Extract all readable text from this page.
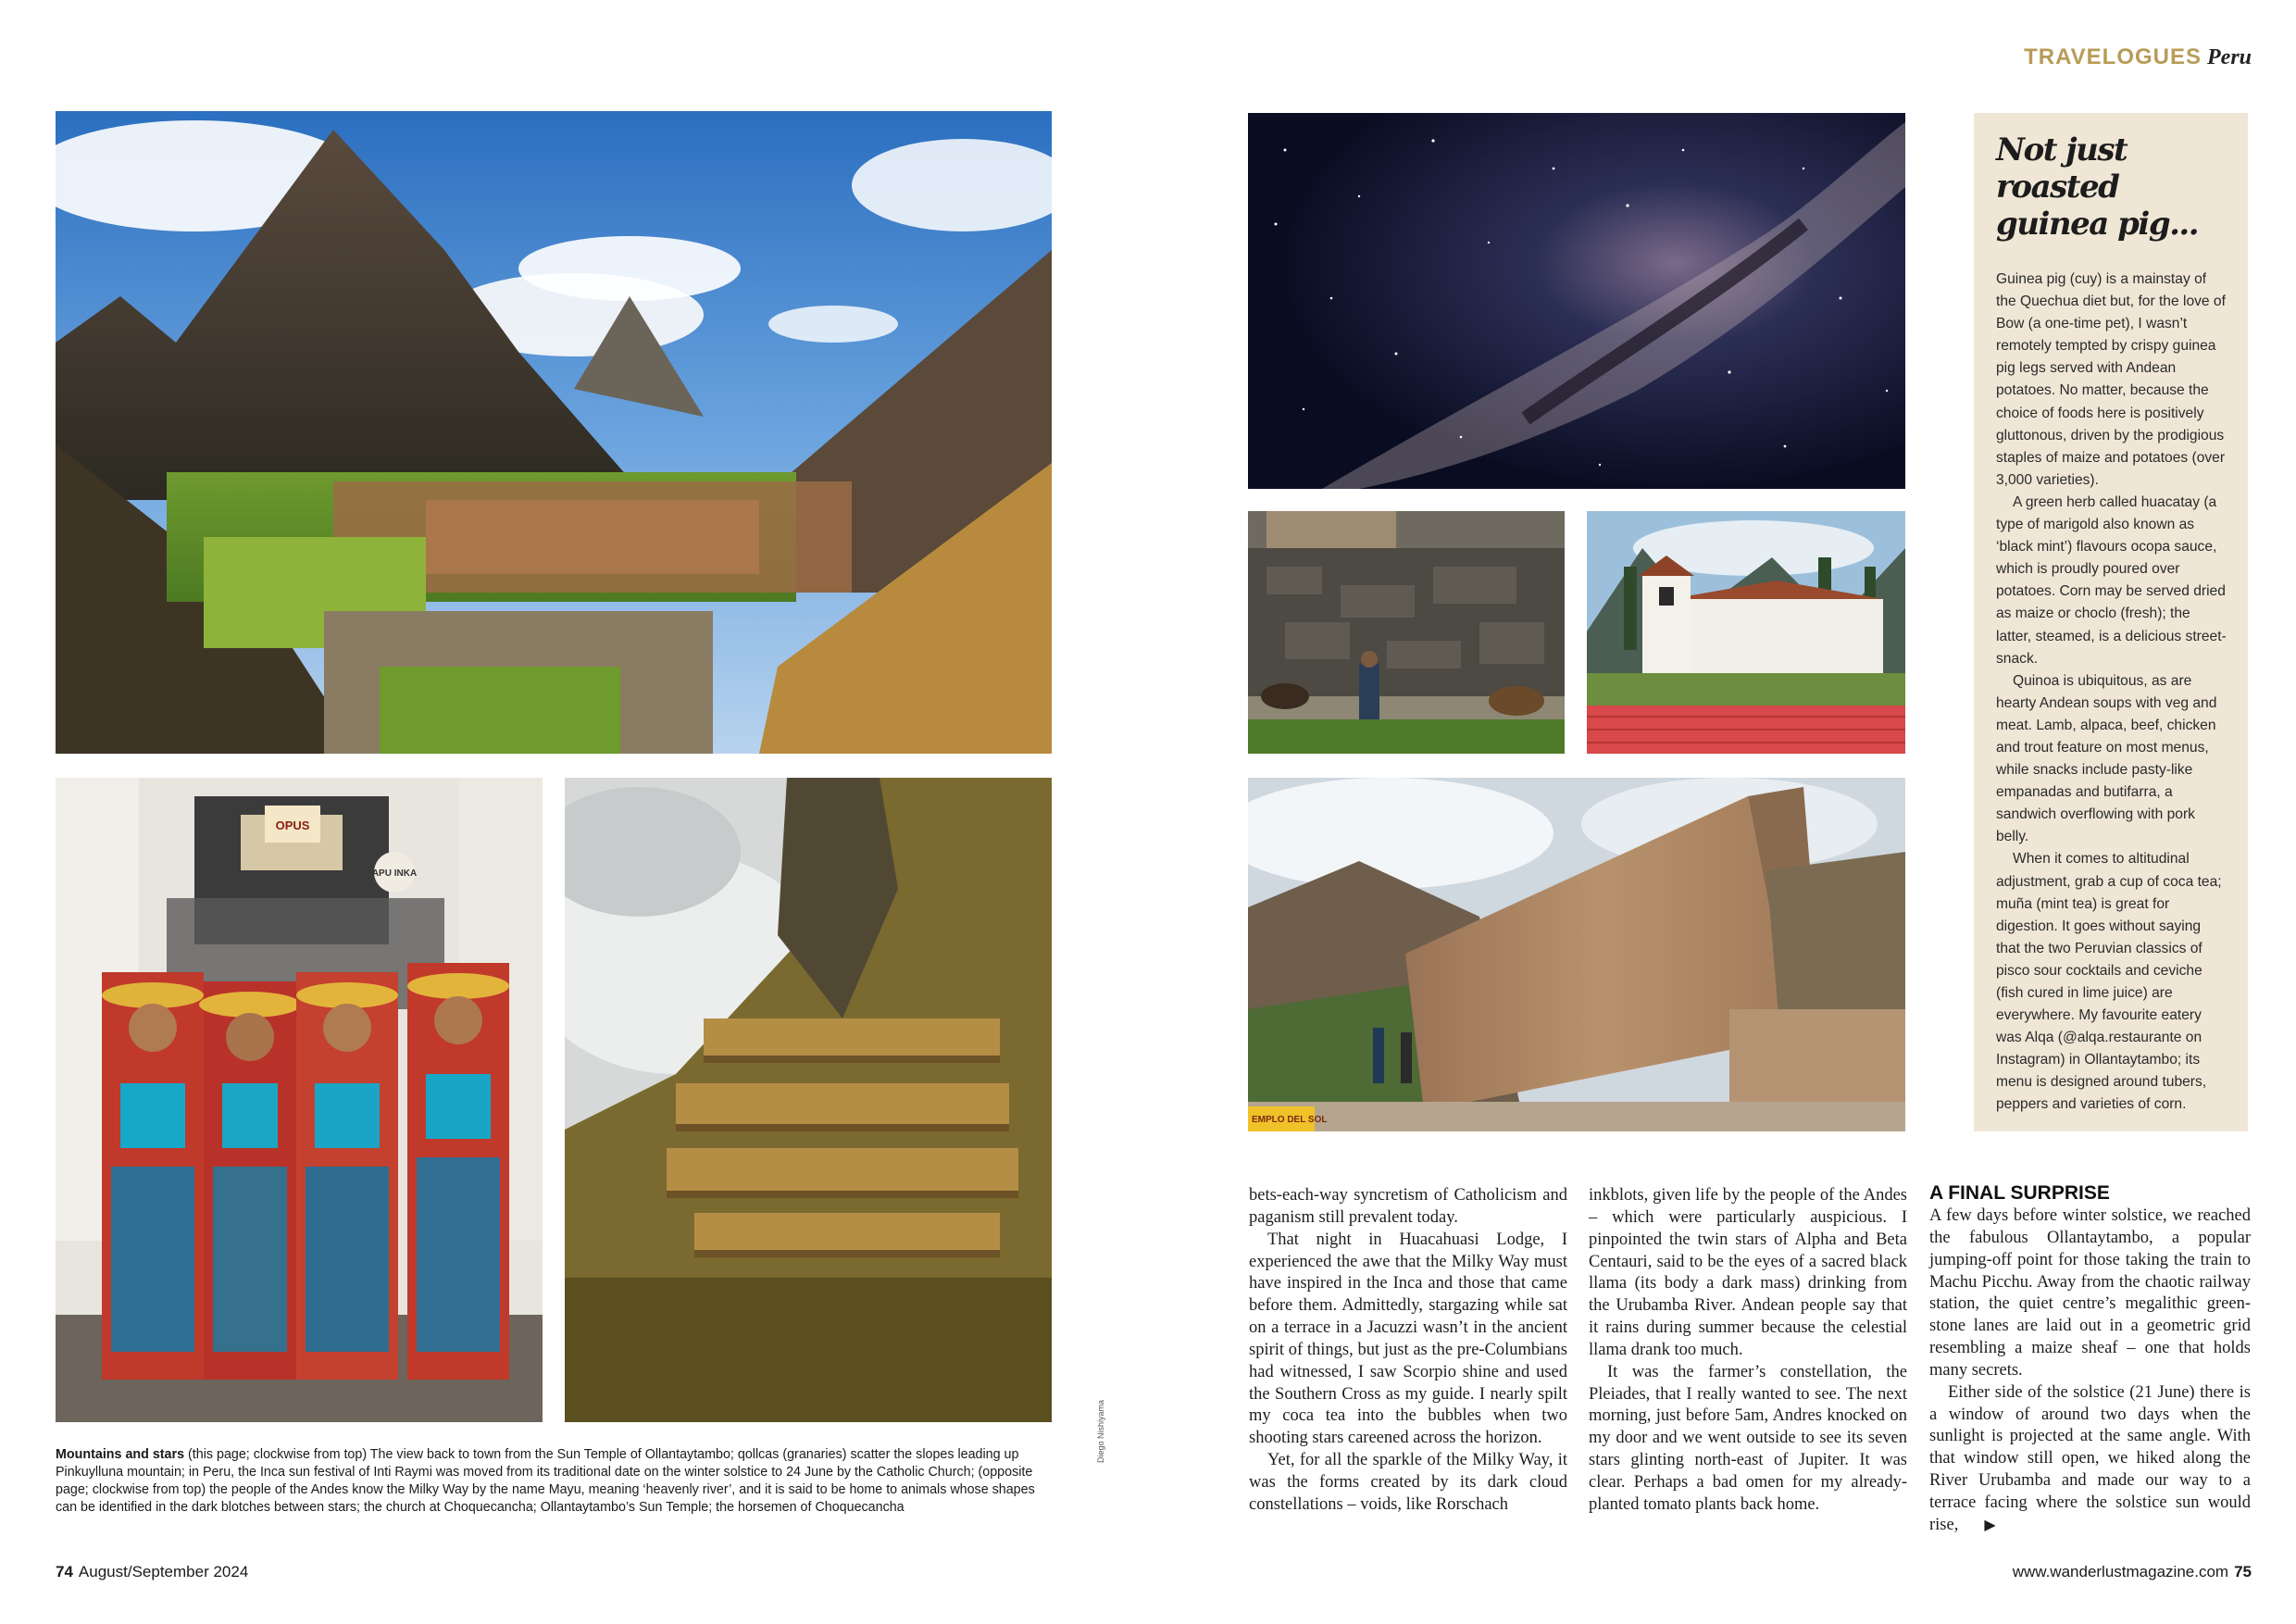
TRAVELOGUES Peru
OPUS
APU INKA
EMPLO DEL SOL
Not just roasted
guinea pig...

Guinea pig (cuy) is a mainstay of the Quechua diet but, for the love of Bow (a one-time pet), I wasn’t remotely tempted by crispy guinea pig legs served with Andean potatoes. No matter, because the choice of foods here is positively gluttonous, driven by the prodigious staples of maize and potatoes (over 3,000 varieties).

A green herb called huacatay (a type of marigold also known as ‘black mint’) flavours ocopa sauce, which is proudly poured over potatoes. Corn may be served dried as maize or choclo (fresh); the latter, steamed, is a delicious street-snack.

Quinoa is ubiquitous, as are hearty Andean soups with veg and meat. Lamb, alpaca, beef, chicken and trout feature on most menus, while snacks include pasty-like empanadas and butifarra, a sandwich overflowing with pork belly.

When it comes to altitudinal adjustment, grab a cup of coca tea; muña (mint tea) is great for digestion. It goes without saying that the two Peruvian classics of pisco sour cocktails and ceviche (fish cured in lime juice) are everywhere. My favourite eatery was Alqa (@alqa.restaurante on Instagram) in Ollantaytambo; its menu is designed around tubers, peppers and varieties of corn.

Mountains and stars (this page; clockwise from top) The view back to town from the Sun Temple of Ollantaytambo; qollcas (granaries) scatter the slopes leading up Pinkuylluna mountain; in Peru, the Inca sun festival of Inti Raymi was moved from its traditional date on the winter solstice to 24 June by the Catholic Church; (opposite page; clockwise from top) the people of the Andes know the Milky Way by the name Mayu, meaning ‘heavenly river’, and it is said to be home to animals whose shapes can be identified in the dark blotches between stars; the church at Choquecancha; Ollantaytambo’s Sun Temple; the horsemen of Choquecancha
Diego Nishiyama

bets-each-way syncretism of Catholicism and paganism still prevalent today.

That night in Huacahuasi Lodge, I experienced the awe that the Milky Way must have inspired in the Inca and those that came before them. Admittedly, stargazing while sat on a terrace in a Jacuzzi wasn’t in the ancient spirit of things, but just as the pre-Columbians had witnessed, I saw Scorpio shine and used the Southern Cross as my guide. I nearly spilt my coca tea into the bubbles when two shooting stars careened across the horizon.

Yet, for all the sparkle of the Milky Way, it was the forms created by its dark cloud constellations – voids, like Rorschach

inkblots, given life by the people of the Andes – which were particularly auspicious. I pinpointed the twin stars of Alpha and Beta Centauri, said to be the eyes of a sacred black llama (its body a dark mass) drinking from the Urubamba River. Andean people say that it rains during summer because the celestial llama drank too much.

It was the farmer’s constellation, the Pleiades, that I really wanted to see. The next morning, just before 5am, Andres knocked on my door and we went outside to see its seven stars glinting north-east of Jupiter. It was clear. Perhaps a bad omen for my already-planted tomato plants back home.

A FINAL SURPRISE

A few days before winter solstice, we reached the fabulous Ollantaytambo, a popular jumping-off point for those taking the train to Machu Picchu. Away from the chaotic railway station, the quiet centre’s megalithic green-stone lanes are laid out in a geometric grid resembling a maize sheaf – one that holds many secrets.

Either side of the solstice (21 June) there is a window of around two days when the sunlight is projected at the same angle. With that window still open, we hiked along the River Urubamba and made our way to a terrace facing where the solstice sun would rise, ▶

74 August/September 2024	www.wanderlustmagazine.com 75
